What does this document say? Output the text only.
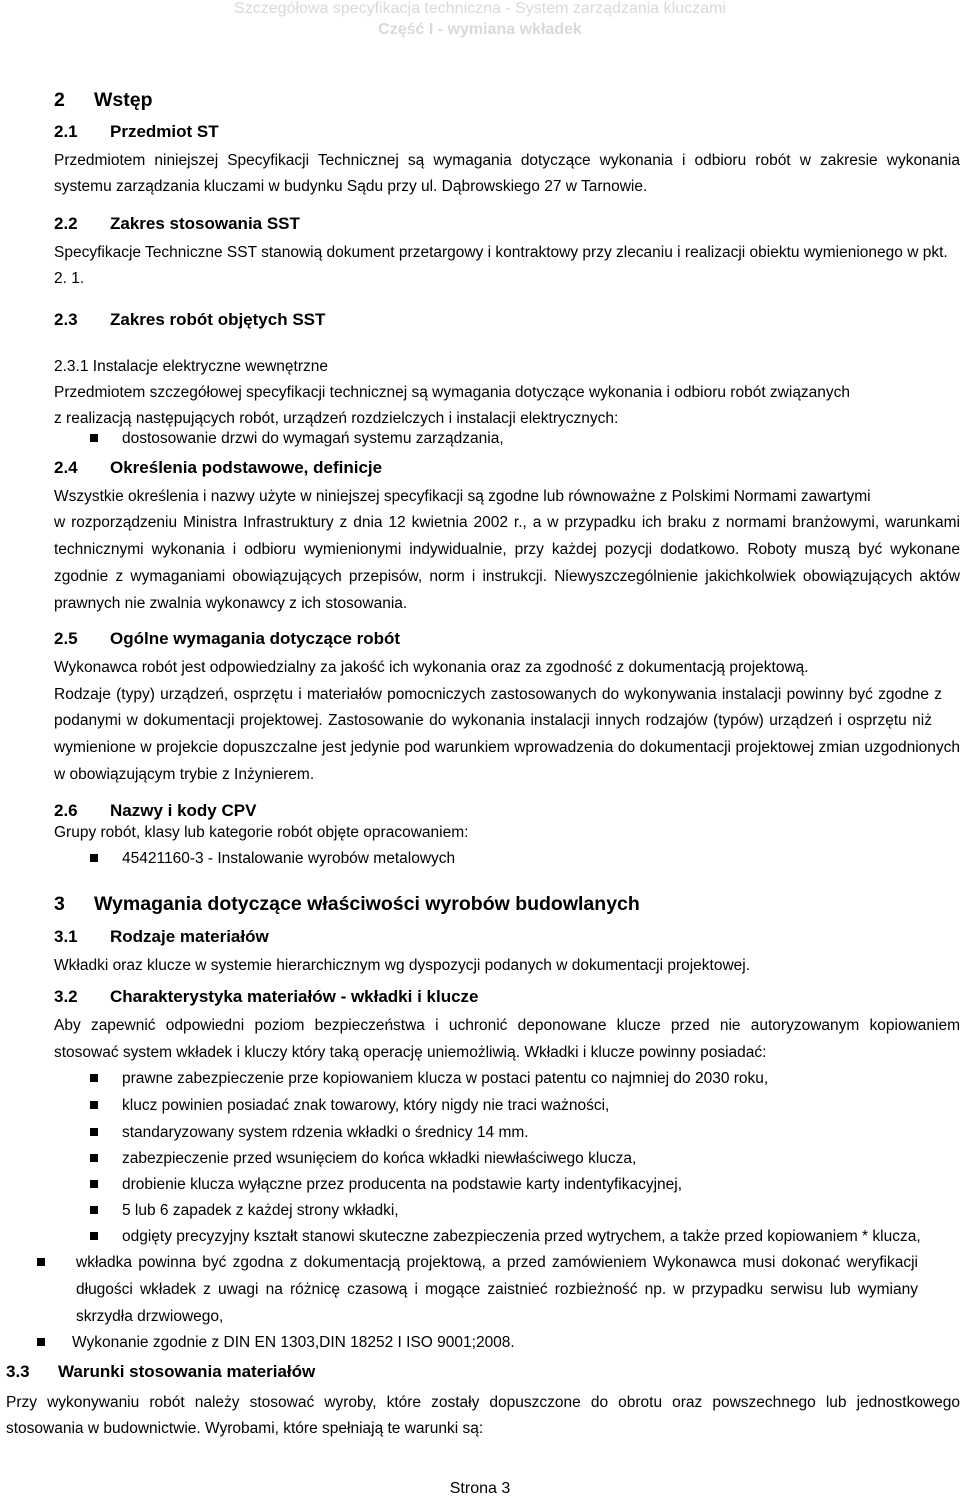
Szczegółowa specyfikacja techniczna - System zarządzania kluczami
Część I - wymiana wkładek
2 Wstęp
2.1 Przedmiot ST
Przedmiotem niniejszej Specyfikacji Technicznej są wymagania dotyczące wykonania i odbioru robót w zakresie wykonania
systemu zarządzania kluczami w budynku Sądu przy ul. Dąbrowskiego 27 w Tarnowie.
2.2 Zakres stosowania SST
Specyfikacje Techniczne SST stanowią dokument przetargowy i kontraktowy przy zlecaniu i realizacji obiektu wymienionego w pkt.
2. 1.
2.3 Zakres robót objętych SST
2.3.1 Instalacje elektryczne wewnętrzne
Przedmiotem szczegółowej specyfikacji technicznej są wymagania dotyczące wykonania i odbioru robót związanych
z realizacją następujących robót, urządzeń rozdzielczych i instalacji elektrycznych:
dostosowanie drzwi do wymagań systemu zarządzania,
2.4 Określenia podstawowe, definicje
Wszystkie określenia i nazwy użyte w niniejszej specyfikacji są zgodne lub równoważne z Polskimi Normami zawartymi
w rozporządzeniu Ministra Infrastruktury z dnia 12 kwietnia 2002 r., a w przypadku ich braku z normami branżowymi, warunkami
technicznymi wykonania i odbioru wymienionymi indywidualnie, przy każdej pozycji dodatkowo. Roboty muszą być wykonane
zgodnie z wymaganiami obowiązujących przepisów, norm i instrukcji. Niewyszczególnienie jakichkolwiek obowiązujących aktów
prawnych nie zwalnia wykonawcy z ich stosowania.
2.5 Ogólne wymagania dotyczące robót
Wykonawca robót jest odpowiedzialny za jakość ich wykonania oraz za zgodność z dokumentacją projektową.
Rodzaje (typy) urządzeń, osprzętu i materiałów pomocniczych zastosowanych do wykonywania instalacji powinny być zgodne z
podanymi w dokumentacji projektowej. Zastosowanie do wykonania instalacji innych rodzajów (typów) urządzeń i osprzętu niż
wymienione w projekcie dopuszczalne jest jedynie pod warunkiem wprowadzenia do dokumentacji projektowej zmian uzgodnionych
w obowiązującym trybie z Inżynierem.
2.6 Nazwy i kody CPV
Grupy robót, klasy lub kategorie robót objęte opracowaniem:
45421160-3 - Instalowanie wyrobów metalowych
3 Wymagania dotyczące właściwości wyrobów budowlanych
3.1 Rodzaje materiałów
Wkładki oraz klucze w systemie hierarchicznym wg dyspozycji podanych w dokumentacji projektowej.
3.2 Charakterystyka materiałów - wkładki i klucze
Aby zapewnić odpowiedni poziom bezpieczeństwa i uchronić deponowane klucze przed nie autoryzowanym kopiowaniem
stosować system wkładek i kluczy który taką operację uniemożliwią. Wkładki i klucze powinny posiadać:
prawne zabezpieczenie prze kopiowaniem klucza w postaci patentu co najmniej do 2030 roku,
klucz powinien posiadać znak towarowy, który nigdy nie traci ważności,
standaryzowany system rdzenia wkładki o średnicy 14 mm.
zabezpieczenie przed wsunięciem do końca wkładki niewłaściwego klucza,
drobienie klucza wyłączne przez producenta na podstawie karty indentyfikacyjnej,
5 lub 6 zapadek z każdej strony wkładki,
odgięty precyzyjny kształt stanowi skuteczne zabezpieczenia przed wytrychem, a także przed kopiowaniem * klucza,
wkładka powinna być zgodna z dokumentacją projektową, a przed zamówieniem Wykonawca musi dokonać weryfikacji
długości wkładek z uwagi na różnicę czasową i mogące zaistnieć rozbieżność np. w przypadku serwisu lub wymiany
skrzydła drzwiowego,
Wykonanie zgodnie z DIN EN 1303,DIN 18252 I ISO 9001;2008.
3.3 Warunki stosowania materiałów
Przy wykonywaniu robót należy stosować wyroby, które zostały dopuszczone do obrotu oraz powszechnego lub jednostkowego
stosowania w budownictwie. Wyrobami, które spełniają te warunki są:
Strona 3
